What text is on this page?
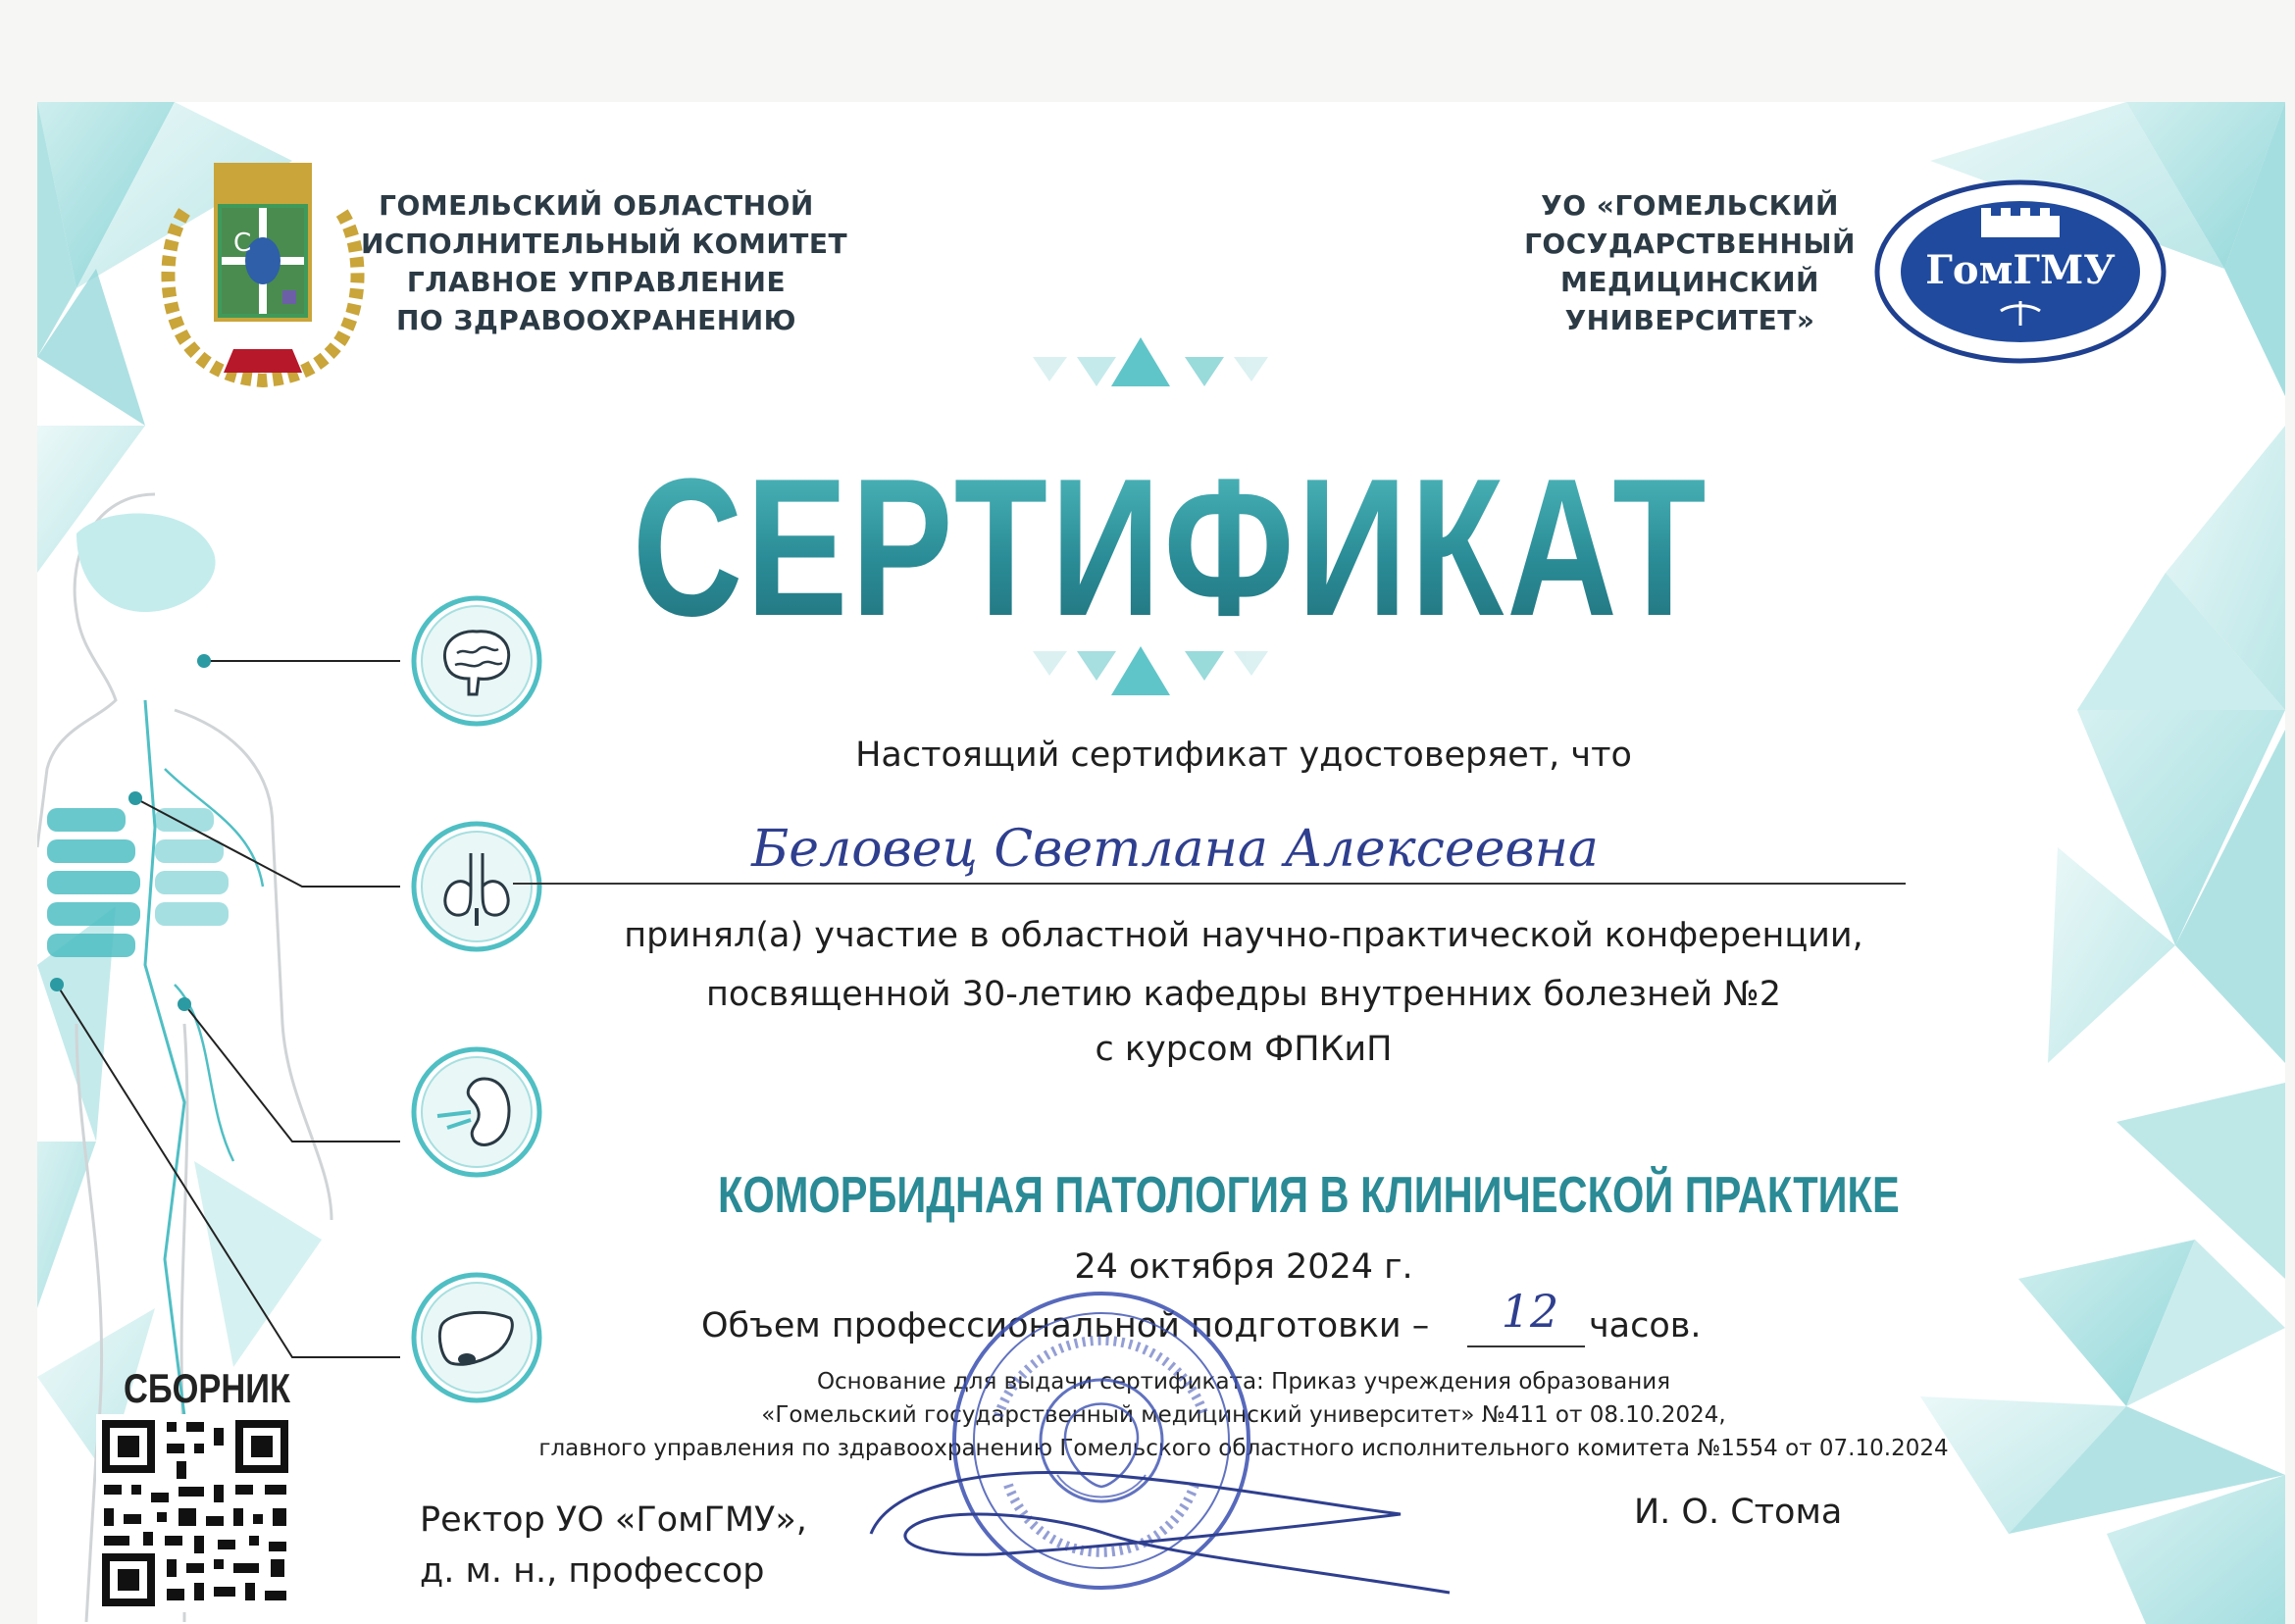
С
ГОМЕЛЬСКИЙ ОБЛАСТНОЙ
ИСПОЛНИТЕЛЬНЫЙ КОМИТЕТ
ГЛАВНОЕ УПРАВЛЕНИЕ
ПО ЗДРАВООХРАНЕНИЮ
УО «ГОМЕЛЬСКИЙ
ГОСУДАРСТВЕННЫЙ
МЕДИЦИНСКИЙ
УНИВЕРСИТЕТ»
ГомГМУ
СЕРТИФИКАТ
Настоящий сертификат удостоверяет, что
Беловец Светлана Алексеевна
принял(а) участие в областной научно-практической конференции,
посвященной 30-летию кафедры внутренних болезней №2
с курсом ФПКиП
КОМОРБИДНАЯ ПАТОЛОГИЯ В КЛИНИЧЕСКОЙ ПРАКТИКЕ
24 октября 2024 г.
Объем профессиональной подготовки –	12 часов.
Основание для выдачи сертификата: Приказ учреждения образования
«Гомельский государственный медицинский университет» №411 от 08.10.2024,
главного управления по здравоохранению Гомельского областного исполнительного комитета №1554 от 07.10.2024
Ректор УО «ГомГМУ»,
д. м. н., профессор
И. О. Стома
СБОРНИК
